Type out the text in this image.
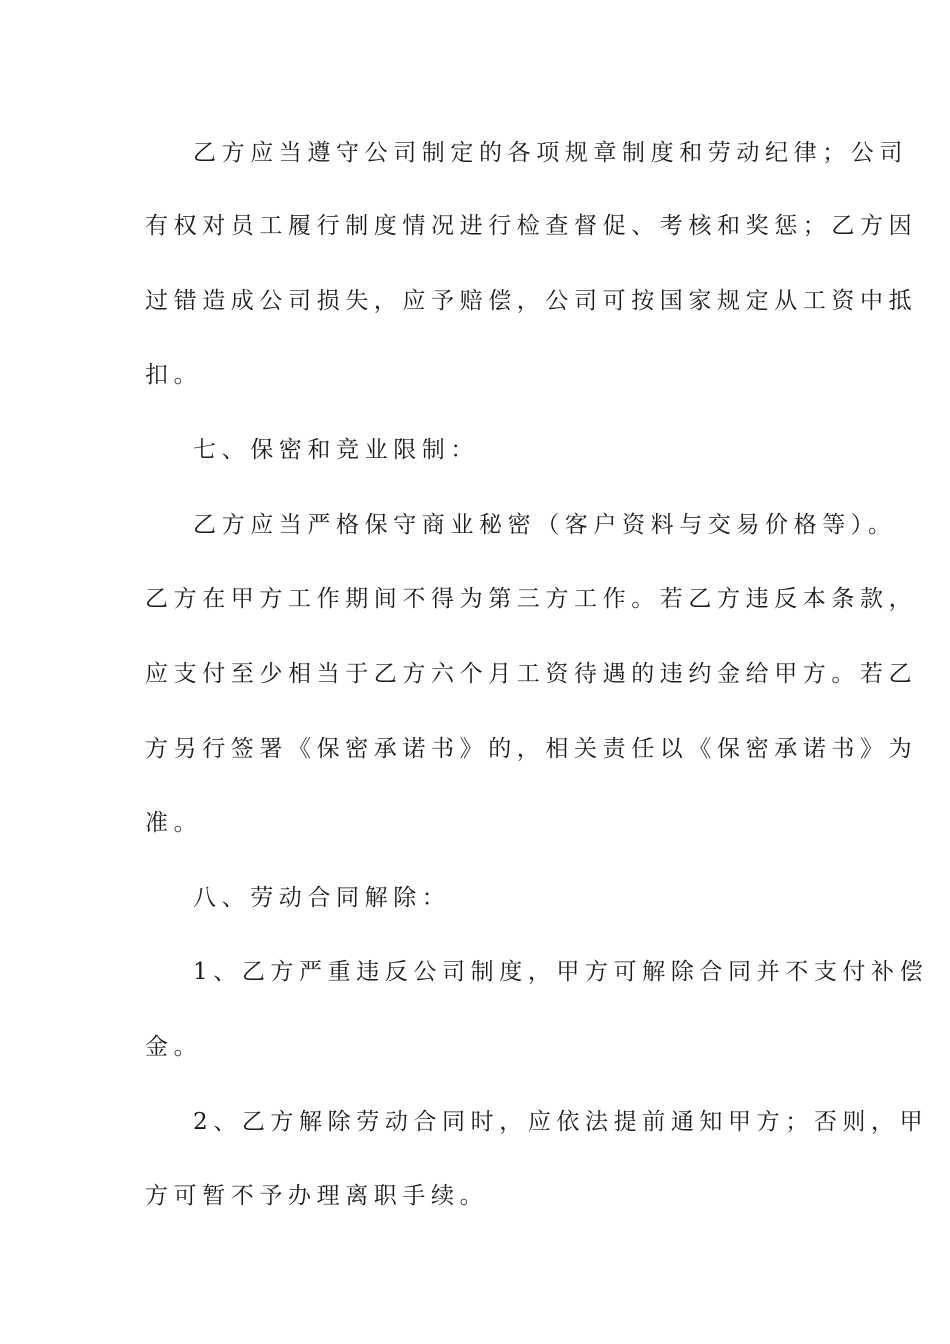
乙方应当遵守公司制定的各项规章制度和劳动纪律；公司
有权对员工履行制度情况进行检查督促、考核和奖惩；乙方因
过错造成公司损失，应予赔偿，公司可按国家规定从工资中抵
扣。
七、保密和竞业限制：
乙方应当严格保守商业秘密（客户资料与交易价格等）。
乙方在甲方工作期间不得为第三方工作。若乙方违反本条款，
应支付至少相当于乙方六个月工资待遇的违约金给甲方。若乙
方另行签署《保密承诺书》的，相关责任以《保密承诺书》为
准。
八、劳动合同解除：
1、乙方严重违反公司制度，甲方可解除合同并不支付补偿
金。
2、乙方解除劳动合同时，应依法提前通知甲方；否则，甲
方可暂不予办理离职手续。
